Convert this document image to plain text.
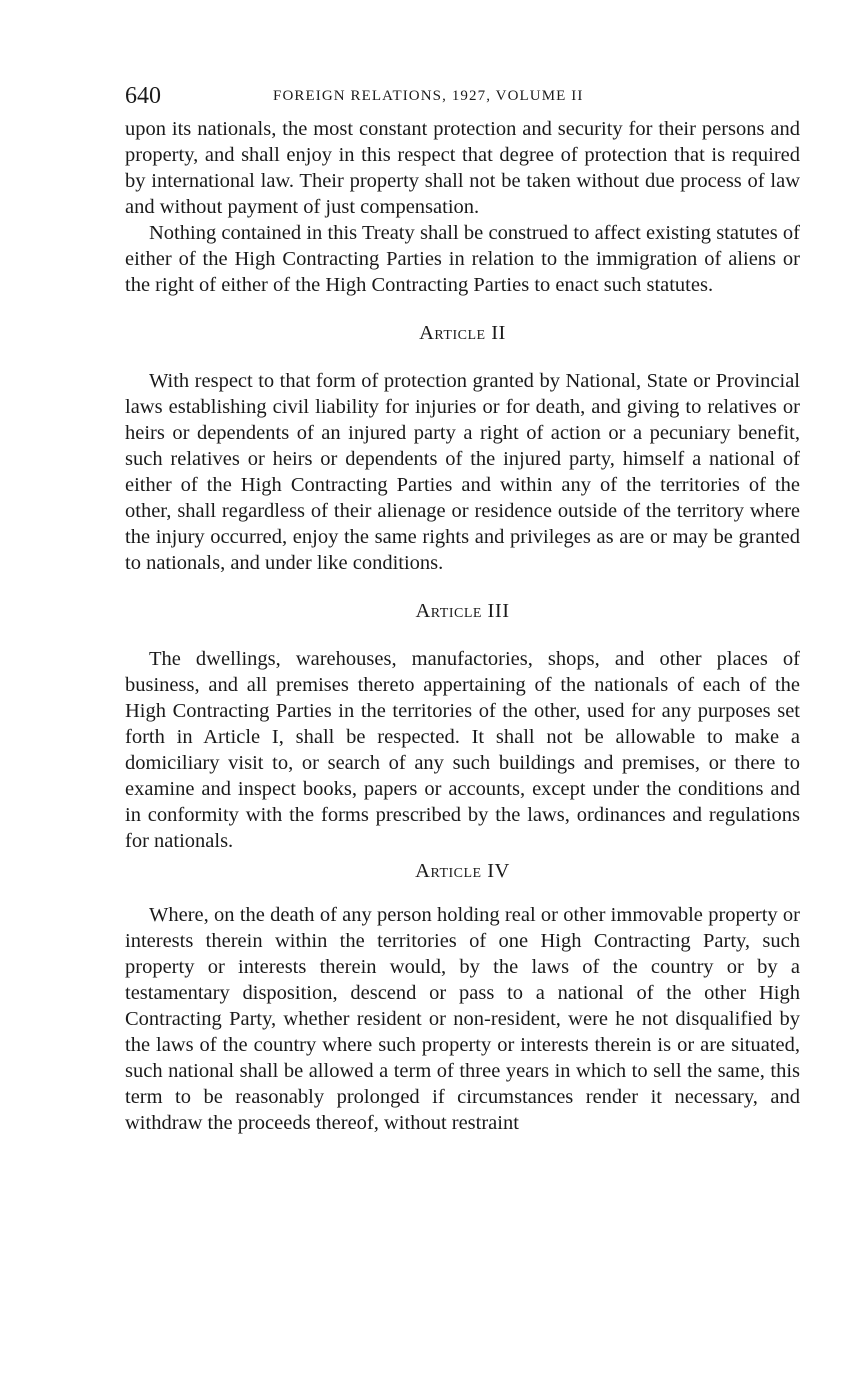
640	FOREIGN RELATIONS, 1927, VOLUME II

upon its nationals, the most constant protection and security for their persons and property, and shall enjoy in this respect that degree of protection that is required by international law. Their property shall not be taken without due process of law and without payment of just compensation.

Nothing contained in this Treaty shall be construed to affect existing statutes of either of the High Contracting Parties in relation to the immigration of aliens or the right of either of the High Contracting Parties to enact such statutes.

Article II

With respect to that form of protection granted by National, State or Provincial laws establishing civil liability for injuries or for death, and giving to relatives or heirs or dependents of an injured party a right of action or a pecuniary benefit, such relatives or heirs or dependents of the injured party, himself a national of either of the High Contracting Parties and within any of the territories of the other, shall regardless of their alienage or residence outside of the territory where the injury occurred, enjoy the same rights and privileges as are or may be granted to nationals, and under like conditions.

Article III

The dwellings, warehouses, manufactories, shops, and other places of business, and all premises thereto appertaining of the nationals of each of the High Contracting Parties in the territories of the other, used for any purposes set forth in Article I, shall be respected. It shall not be allowable to make a domiciliary visit to, or search of any such buildings and premises, or there to examine and inspect books, papers or accounts, except under the conditions and in conformity with the forms prescribed by the laws, ordinances and regulations for nationals.

Article IV

Where, on the death of any person holding real or other immovable property or interests therein within the territories of one High Contracting Party, such property or interests therein would, by the laws of the country or by a testamentary disposition, descend or pass to a national of the other High Contracting Party, whether resident or non-resident, were he not disqualified by the laws of the country where such property or interests therein is or are situated, such national shall be allowed a term of three years in which to sell the same, this term to be reasonably prolonged if circumstances render it necessary, and withdraw the proceeds thereof, without restraint
